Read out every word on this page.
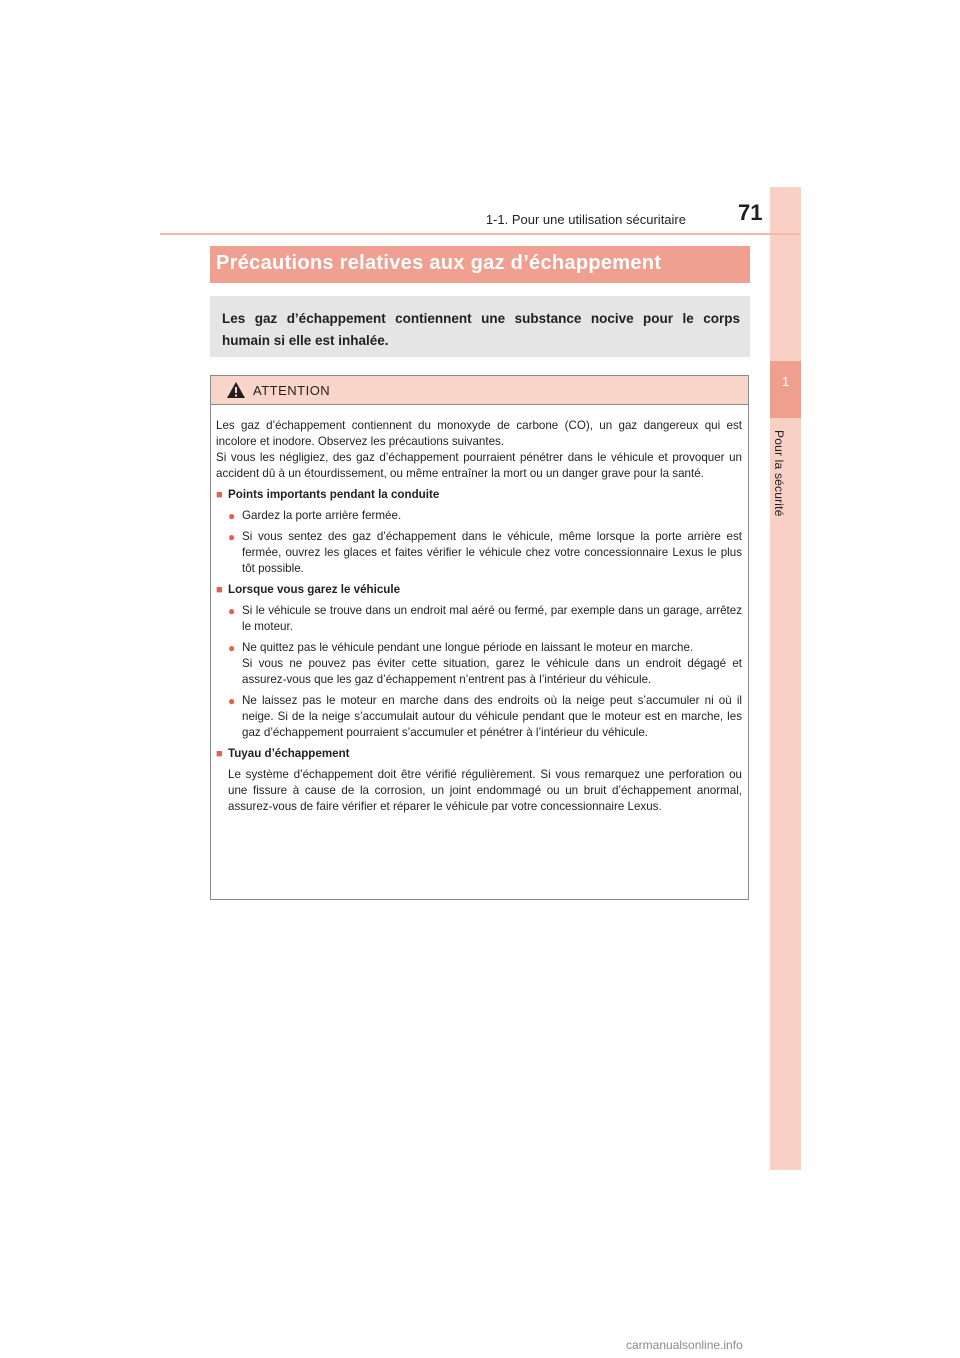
1
Pour la sécurité
1-1. Pour une utilisation sécuritaire 71
Précautions relatives aux gaz d’échappement
Les gaz d’échappement contiennent une substance nocive pour le corps humain si elle est inhalée.
ATTENTION

Les gaz d’échappement contiennent du monoxyde de carbone (CO), un gaz dangereux qui est incolore et inodore. Observez les précautions suivantes.

Si vous les négligiez, des gaz d’échappement pourraient pénétrer dans le véhicule et provoquer un accident dû à un étourdissement, ou même entraîner la mort ou un danger grave pour la santé.

■ Points importants pendant la conduite
● Gardez la porte arrière fermée.
● Si vous sentez des gaz d’échappement dans le véhicule, même lorsque la porte arrière est fermée, ouvrez les glaces et faites vérifier le véhicule chez votre concessionnaire Lexus le plus tôt possible.
■ Lorsque vous garez le véhicule
● Si le véhicule se trouve dans un endroit mal aéré ou fermé, par exemple dans un garage, arrêtez le moteur.
● Ne quittez pas le véhicule pendant une longue période en laissant le moteur en marche.
Si vous ne pouvez pas éviter cette situation, garez le véhicule dans un endroit dégagé et assurez-vous que les gaz d’échappement n’entrent pas à l’intérieur du véhicule.
● Ne laissez pas le moteur en marche dans des endroits où la neige peut s’accumuler ni où il neige. Si de la neige s’accumulait autour du véhicule pendant que le moteur est en marche, les gaz d’échappement pourraient s’accumuler et pénétrer à l’intérieur du véhicule.
■ Tuyau d’échappement

Le système d’échappement doit être vérifié régulièrement. Si vous remarquez une perforation ou une fissure à cause de la corrosion, un joint endommagé ou un bruit d’échappement anormal, assurez-vous de faire vérifier et réparer le véhicule par votre concessionnaire Lexus.

carmanualsonline.info
